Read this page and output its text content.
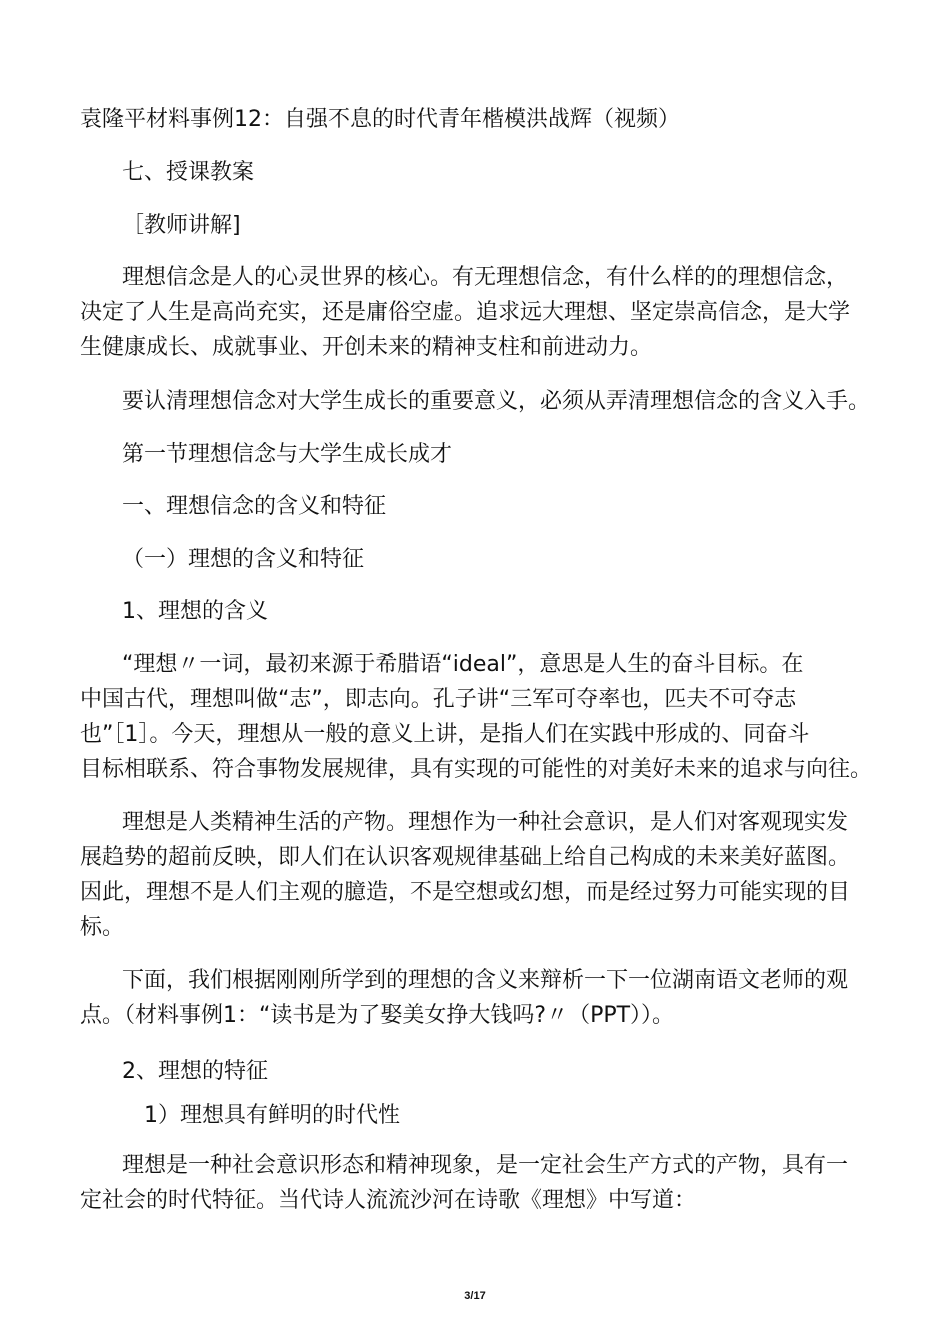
袁隆平材料事例12：自强不息的时代青年楷模洪战辉（视频）
七、授课教案
［教师讲解]
理想信念是人的心灵世界的核心。有无理想信念，有什么样的的理想信念，
决定了人生是高尚充实，还是庸俗空虚。追求远大理想、坚定崇高信念，是大学
生健康成长、成就事业、开创未来的精神支柱和前进动力。
要认清理想信念对大学生成长的重要意义，必须从弄清理想信念的含义入手。
第一节理想信念与大学生成长成才
一、理想信念的含义和特征
（一）理想的含义和特征
1、理想的含义
“理想〃一词，最初来源于希腊语“ideal”，意思是人生的奋斗目标。在
中国古代，理想叫做“志”，即志向。孔子讲“三军可夺率也，匹夫不可夺志
也”［1］。今天，理想从一般的意义上讲，是指人们在实践中形成的、同奋斗
目标相联系、符合事物发展规律，具有实现的可能性的对美好未来的追求与向往。
理想是人类精神生活的产物。理想作为一种社会意识，是人们对客观现实发
展趋势的超前反映，即人们在认识客观规律基础上给自己构成的未来美好蓝图。
因此，理想不是人们主观的臆造，不是空想或幻想，而是经过努力可能实现的目
标。
下面，我们根据刚刚所学到的理想的含义来辩析一下一位湖南语文老师的观
点。（材料事例1：“读书是为了娶美女挣大钱吗?〃（PPT））。
2、理想的特征
1）理想具有鲜明的时代性
理想是一种社会意识形态和精神现象，是一定社会生产方式的产物，具有一
定社会的时代特征。当代诗人流流沙河在诗歌《理想》中写道：
3/17
